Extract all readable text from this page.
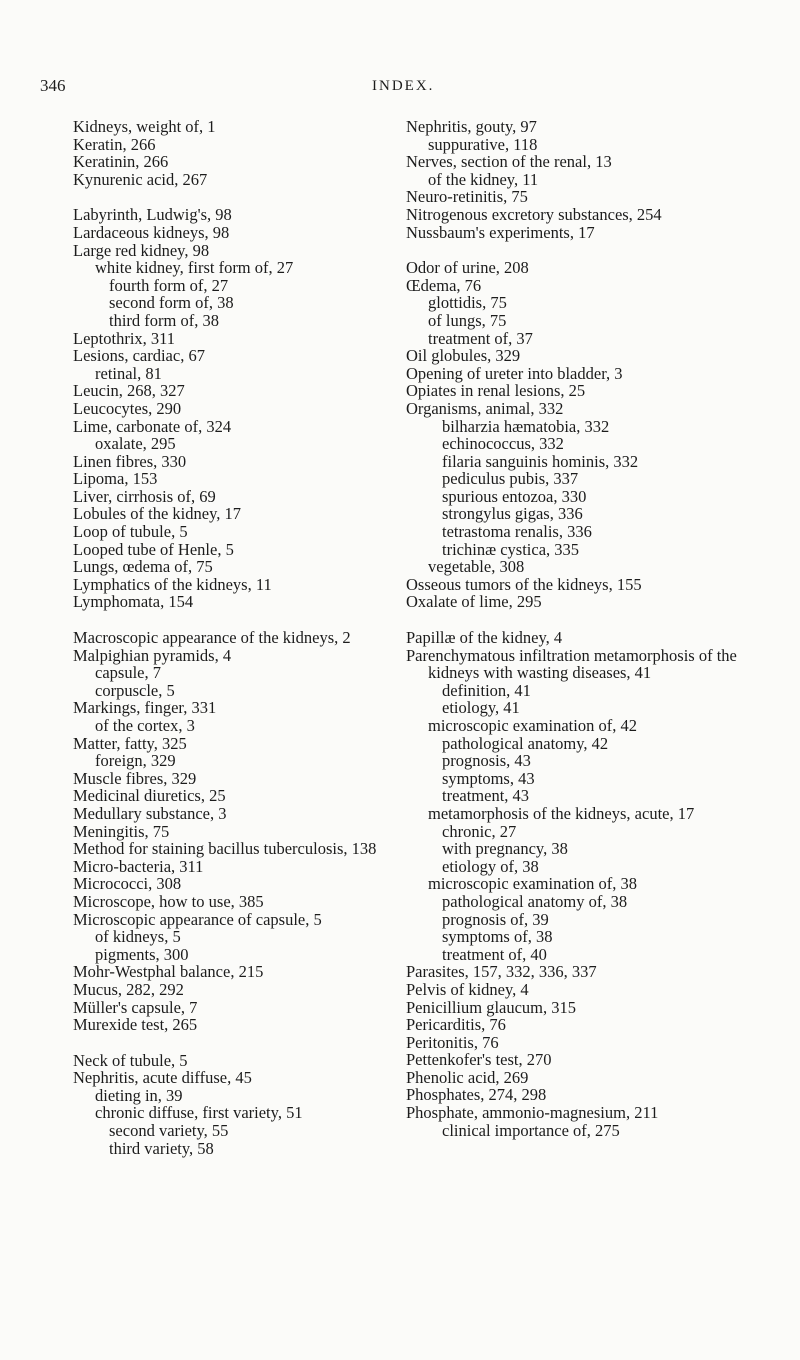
346	INDEX.
Kidneys, weight of, 1
Keratin, 266
Keratinin, 266
Kynurenic acid, 267
Labyrinth, Ludwig's, 98
Lardaceous kidneys, 98
Large red kidney, 98
white kidney, first form of, 27
fourth form of, 27
second form of, 38
third form of, 38
Leptothrix, 311
Lesions, cardiac, 67
retinal, 81
Leucin, 268, 327
Leucocytes, 290
Lime, carbonate of, 324
oxalate, 295
Linen fibres, 330
Lipoma, 153
Liver, cirrhosis of, 69
Lobules of the kidney, 17
Loop of tubule, 5
Looped tube of Henle, 5
Lungs, œdema of, 75
Lymphatics of the kidneys, 11
Lymphomata, 154
Macroscopic appearance of the kidneys, 2
Malpighian pyramids, 4
capsule, 7
corpuscle, 5
Markings, finger, 331
of the cortex, 3
Matter, fatty, 325
foreign, 329
Muscle fibres, 329
Medicinal diuretics, 25
Medullary substance, 3
Meningitis, 75
Method for staining bacillus tuberculosis, 138
Micro-bacteria, 311
Micrococci, 308
Microscope, how to use, 385
Microscopic appearance of capsule, 5
of kidneys, 5
pigments, 300
Mohr-Westphal balance, 215
Mucus, 282, 292
Müller's capsule, 7
Murexide test, 265
Neck of tubule, 5
Nephritis, acute diffuse, 45
dieting in, 39
chronic diffuse, first variety, 51
second variety, 55
third variety, 58
Nephritis, gouty, 97
suppurative, 118
Nerves, section of the renal, 13
of the kidney, 11
Neuro-retinitis, 75
Nitrogenous excretory substances, 254
Nussbaum's experiments, 17
Odor of urine, 208
Œdema, 76
glottidis, 75
of lungs, 75
treatment of, 37
Oil globules, 329
Opening of ureter into bladder, 3
Opiates in renal lesions, 25
Organisms, animal, 332
bilharzia hæmatobia, 332
echinococcus, 332
filaria sanguinis hominis, 332
pediculus pubis, 337
spurious entozoa, 330
strongylus gigas, 336
tetrastoma renalis, 336
trichinæ cystica, 335
vegetable, 308
Osseous tumors of the kidneys, 155
Oxalate of lime, 295
Papillæ of the kidney, 4
Parenchymatous infiltration metamorphosis of the kidneys with wasting diseases, 41
definition, 41
etiology, 41
microscopic examination of, 42
pathological anatomy, 42
prognosis, 43
symptoms, 43
treatment, 43
metamorphosis of the kidneys, acute, 17
chronic, 27
with pregnancy, 38
etiology of, 38
microscopic examination of, 38
pathological anatomy of, 38
prognosis of, 39
symptoms of, 38
treatment of, 40
Parasites, 157, 332, 336, 337
Pelvis of kidney, 4
Penicillium glaucum, 315
Pericarditis, 76
Peritonitis, 76
Pettenkofer's test, 270
Phenolic acid, 269
Phosphates, 274, 298
Phosphate, ammonio-magnesium, 211
clinical importance of, 275
